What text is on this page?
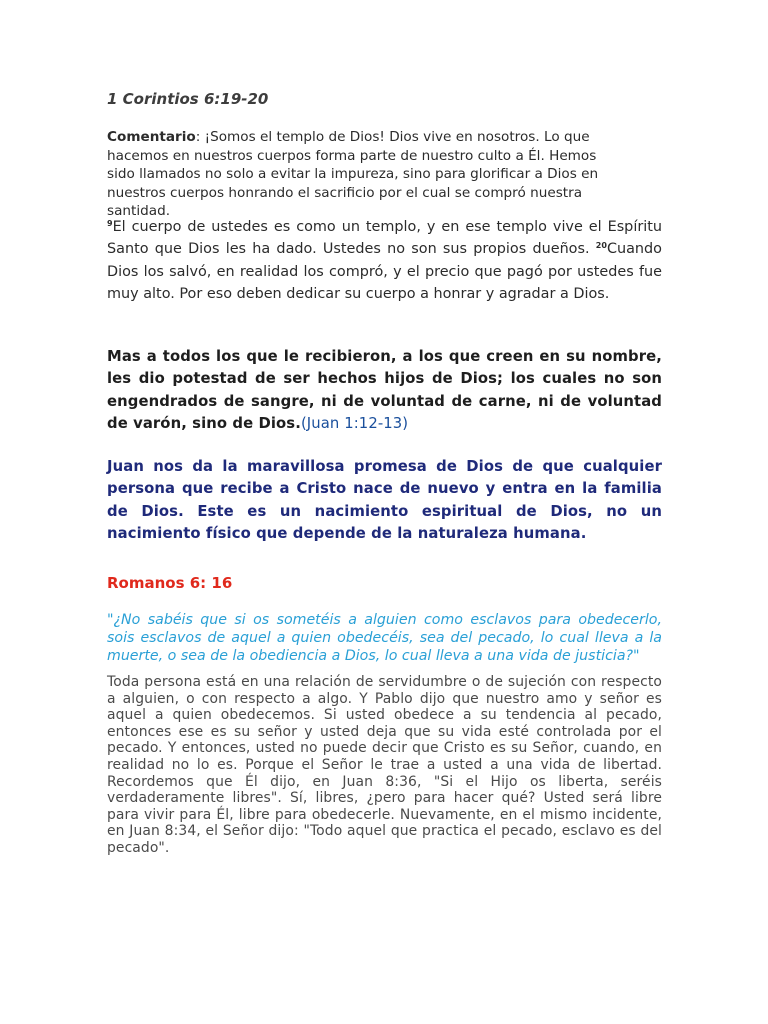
1 Corintios 6:19-20

Comentario: ¡Somos el templo de Dios! Dios vive en nosotros. Lo que hacemos en nuestros cuerpos forma parte de nuestro culto a Él. Hemos sido llamados no solo a evitar la impureza, sino para glorificar a Dios en nuestros cuerpos honrando el sacrificio por el cual se compró nuestra santidad.

$^9$El cuerpo de ustedes es como un templo, y en ese templo vive el Espíritu Santo que Dios les ha dado. Ustedes no son sus propios dueños. $^{20}$Cuando Dios los salvó, en realidad los compró, y el precio que pagó por ustedes fue muy alto. Por eso deben dedicar su cuerpo a honrar y agradar a Dios.

Mas a todos los que le recibieron, a los que creen en su nombre, les dio potestad de ser hechos hijos de Dios; los cuales no son engendrados de sangre, ni de voluntad de carne, ni de voluntad de varón, sino de Dios.(Juan 1:12-13)

Juan nos da la maravillosa promesa de Dios de que cualquier persona que recibe a Cristo nace de nuevo y entra en la familia de Dios. Este es un nacimiento espiritual de Dios, no un nacimiento físico que depende de la naturaleza humana.

Romanos 6: 16

"¿No sabéis que si os sometéis a alguien como esclavos para obedecerlo, sois esclavos de aquel a quien obedecéis, sea del pecado, lo cual lleva a la muerte, o sea de la obediencia a Dios, lo cual lleva a una vida de justicia?"

Toda persona está en una relación de servidumbre o de sujeción con respecto a alguien, o con respecto a algo. Y Pablo dijo que nuestro amo y señor es aquel a quien obedecemos. Si usted obedece a su tendencia al pecado, entonces ese es su señor y usted deja que su vida esté controlada por el pecado. Y entonces, usted no puede decir que Cristo es su Señor, cuando, en realidad no lo es. Porque el Señor le trae a usted a una vida de libertad. Recordemos que Él dijo, en Juan 8:36, "Si el Hijo os liberta, seréis verdaderamente libres". Sí, libres, ¿pero para hacer qué? Usted será libre para vivir para Él, libre para obedecerle. Nuevamente, en el mismo incidente, en Juan 8:34, el Señor dijo: "Todo aquel que practica el pecado, esclavo es del pecado".
